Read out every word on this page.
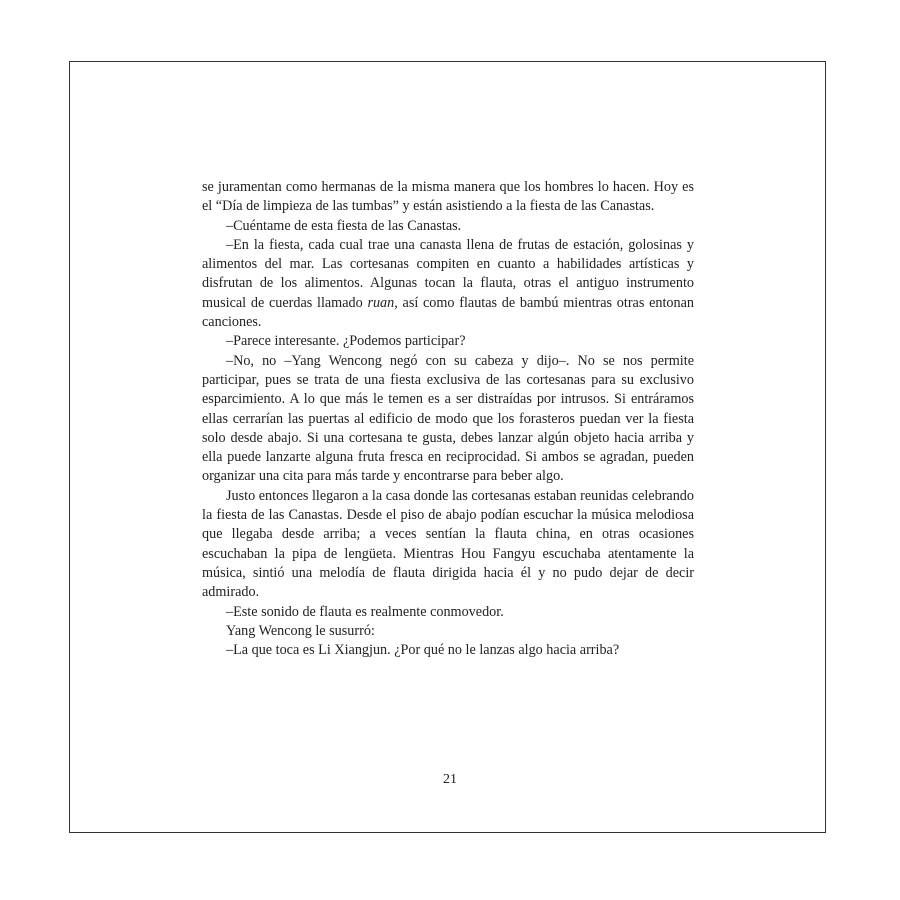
se juramentan como hermanas de la misma manera que los hombres lo hacen. Hoy es el “Día de limpieza de las tumbas” y están asistiendo a la fiesta de las Canastas.

–Cuéntame de esta fiesta de las Canastas.

–En la fiesta, cada cual trae una canasta llena de frutas de estación, golosinas y alimentos del mar. Las cortesanas compiten en cuanto a habilidades artísticas y disfrutan de los alimentos. Algunas tocan la flauta, otras el antiguo instrumento musical de cuerdas llamado ruan, así como flautas de bambú mientras otras entonan canciones.

–Parece interesante. ¿Podemos participar?

–No, no –Yang Wencong negó con su cabeza y dijo–. No se nos permite participar, pues se trata de una fiesta exclusiva de las cortesanas para su exclusivo esparcimiento. A lo que más le temen es a ser distraídas por intrusos. Si entráramos ellas cerrarían las puertas al edificio de modo que los forasteros puedan ver la fiesta solo desde abajo. Si una cortesana te gusta, debes lanzar algún objeto hacia arriba y ella puede lanzarte alguna fruta fresca en reciprocidad. Si ambos se agradan, pueden organizar una cita para más tarde y encontrarse para beber algo.

Justo entonces llegaron a la casa donde las cortesanas estaban reunidas celebrando la fiesta de las Canastas. Desde el piso de abajo podían escuchar la música melodiosa que llegaba desde arriba; a veces sentían la flauta china, en otras ocasiones escuchaban la pipa de lengüeta. Mientras Hou Fangyu escuchaba atentamente la música, sintió una melodía de flauta dirigida hacia él y no pudo dejar de decir admirado.

–Este sonido de flauta es realmente conmovedor.

Yang Wencong le susurró:

–La que toca es Li Xiangjun. ¿Por qué no le lanzas algo hacia arriba?

21
